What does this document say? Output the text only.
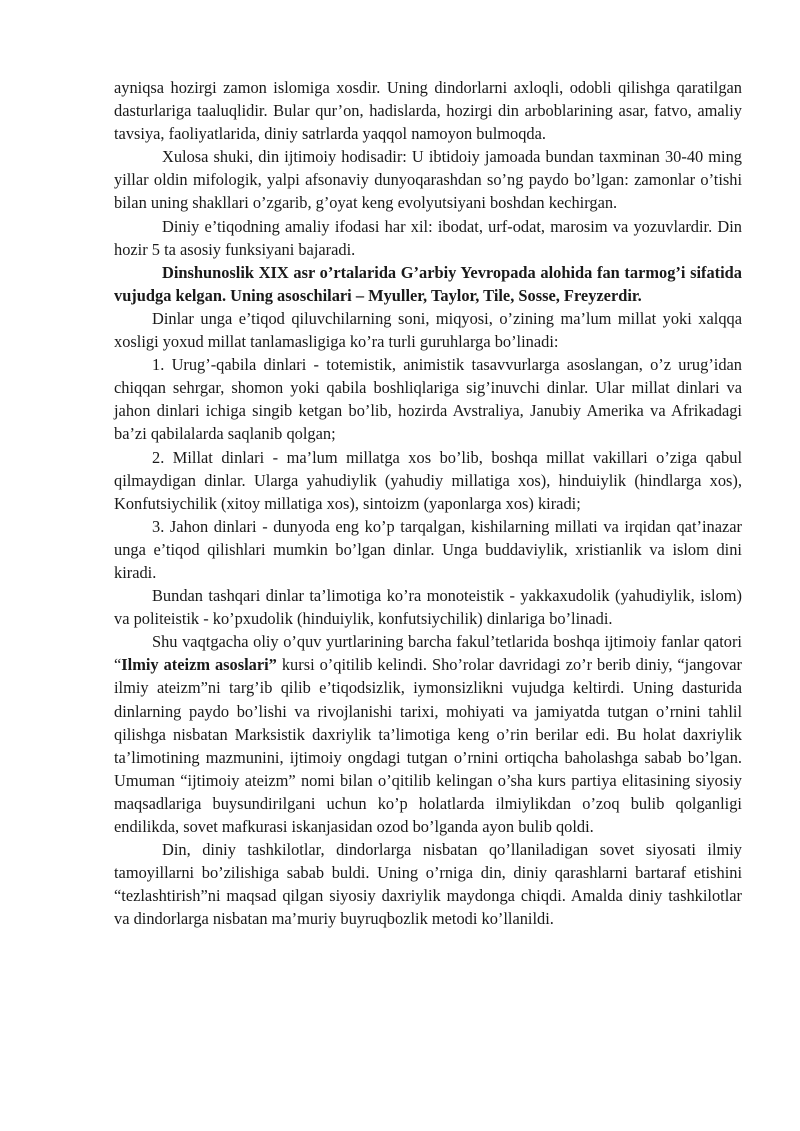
ayniqsa hozirgi zamon islomiga xosdir. Uning dindorlarni axloqli, odobli qilishga qaratilgan dasturlariga taaluqlidir. Bular qur’on, hadislarda, hozirgi din arboblarining asar, fatvo, amaliy tavsiya, faoliyatlarida, diniy satrlarda yaqqol namoyon bulmoqda.

Xulosa shuki, din ijtimoiy hodisadir: U ibtidoiy jamoada bundan taxminan 30-40 ming yillar oldin mifologik, yalpi afsonaviy dunyoqarashdan so’ng paydo bo’lgan: zamonlar o’tishi bilan uning shakllari o’zgarib, g’oyat keng evolyutsiyani boshdan kechirgan.

Diniy e’tiqodning amaliy ifodasi har xil: ibodat, urf-odat, marosim va yozuvlardir. Din hozir 5 ta asosiy funksiyani bajaradi.

Dinshunoslik XIX asr o’rtalarida G’arbiy Yevropada alohida fan tarmog’i sifatida vujudga kelgan. Uning asoschilari – Myuller, Taylor, Tile, Sosse, Freyzerdir.

Dinlar unga e’tiqod qiluvchilarning soni, miqyosi, o’zining ma’lum millat yoki xalqqa xosligi yoxud millat tanlamasligiga ko’ra turli guruhlarga bo’linadi:

1. Urug’-qabila dinlari - totemistik, animistik tasavvurlarga asoslangan, o’z urug’idan chiqqan sehrgar, shomon yoki qabila boshliqlariga sig’inuvchi dinlar. Ular millat dinlari va jahon dinlari ichiga singib ketgan bo’lib, hozirda Avstraliya, Janubiy Amerika va Afrikadagi ba’zi qabilalarda saqlanib qolgan;

2. Millat dinlari - ma’lum millatga xos bo’lib, boshqa millat vakillari o’ziga qabul qilmaydigan dinlar. Ularga yahudiylik (yahudiy millatiga xos), hinduiylik (hindlarga xos), Konfutsiychilik (xitoy millatiga xos), sintoizm (yaponlarga xos) kiradi;

3. Jahon dinlari - dunyoda eng ko’p tarqalgan, kishilarning millati va irqidan qat’inazar unga e’tiqod qilishlari mumkin bo’lgan dinlar. Unga buddaviylik, xristianlik va islom dini kiradi.

Bundan tashqari dinlar ta’limotiga ko’ra monoteistik - yakkaxudolik (yahudiylik, islom) va politeistik - ko’pxudolik (hinduiylik, konfutsiychilik) dinlariga bo’linadi.

Shu vaqtgacha oliy o’quv yurtlarining barcha fakul’tetlarida boshqa ijtimoiy fanlar qatori “Ilmiy ateizm asoslari” kursi o’qitilib kelindi. Sho’rolar davridagi zo’r berib diniy, “jangovar ilmiy ateizm”ni targ’ib qilib e’tiqodsizlik, iymonsizlikni vujudga keltirdi. Uning dasturida dinlarning paydo bo’lishi va rivojlanishi tarixi, mohiyati va jamiyatda tutgan o’rnini tahlil qilishga nisbatan Marksistik daxriylik ta’limotiga keng o’rin berilar edi. Bu holat daxriylik ta’limotining mazmunini, ijtimoiy ongdagi tutgan o’rnini ortiqcha baholashga sabab bo’lgan. Umuman “ijtimoiy ateizm” nomi bilan o’qitilib kelingan o’sha kurs partiya elitasining siyosiy maqsadlariga buysundirilgani uchun ko’p holatlarda ilmiylikdan o’zoq bulib qolganligi endilikda, sovet mafkurasi iskanjasidan ozod bo’lganda ayon bulib qoldi.

Din, diniy tashkilotlar, dindorlarga nisbatan qo’llaniladigan sovet siyosati ilmiy tamoyillarni bo’zilishiga sabab buldi. Uning o’rniga din, diniy qarashlarni bartaraf etishini “tezlashtirish”ni maqsad qilgan siyosiy daxriylik maydonga chiqdi. Amalda diniy tashkilotlar va dindorlarga nisbatan ma’muriy buyruqbozlik metodi ko’llanildi.
